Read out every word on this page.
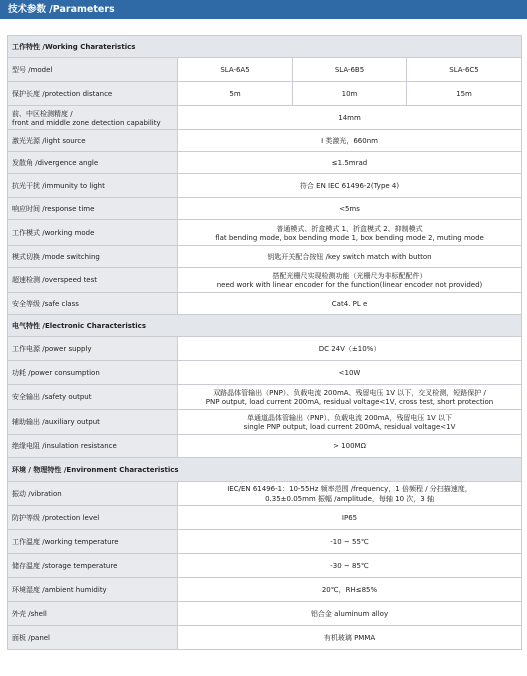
技术参数 /Parameters
工作特性 /Working Charateristics			
型号 /model	SLA-6A5	SLA-6B5	SLA-6C5
保护长度 /protection distance	5m	10m	15m

前、中区检测精度 /
front and middle zone detection capability	14mm		
激光光源 /light source	I 类激光，660nm		
发散角 /divergence angle	≤1.5mrad		
抗光干扰 /immunity to light	符合 EN IEC 61496-2(Type 4)		
响应时间 /response time	<5ms		
工作模式 /working mode	普通模式、折盒模式 1、折盒模式 2、抑制模式
flat bending mode, box bending mode 1, box bending mode 2, muting mode		

模式切换 /mode switching	钥匙开关配合按钮 /key switch match with button		
超速检测 /overspeed test	搭配光栅尺实现检测功能（光栅尺为非标配配件）
need work with linear encoder for the function(linear encoder not provided)		

安全等级 /safe class	Cat4. PL e		
电气特性 /Electronic Characteristics			
工作电源 /power supply	DC 24V（±10%）		
功耗 /power consumption	<10W		
安全输出 /safety output	双路晶体管输出（PNP）、负载电流 200mA、残留电压 1V 以下，交叉检测，短路保护 /
PNP output, load current 200mA, residual voltage<1V, cross test, short protection		

辅助输出 /auxiliary output	单通道晶体管输出（PNP）、负载电流 200mA，残留电压 1V 以下
single PNP output, load current 200mA, residual voltage<1V		

绝缘电阻 /insulation resistance	> 100MΩ		
环境 / 物理特性 /Environment Characteristics			
振动 /vibration	IEC/EN 61496-1：10-55Hz 频率范围 /frequency，1 倍频程 / 分扫描速度，
0.35±0.05mm 振幅 /amplitude，每轴 10 次，3 轴		

防护等级 /protection level	IP65		
工作温度 /working temperature	-10 ~ 55℃		
储存温度 /storage temperature	-30 ~ 85℃		
环境湿度 /ambient humidity	20℃，RH≤85%		
外壳 /shell	铝合金 aluminum alloy		
面板 /panel	有机玻璃 PMMA		
